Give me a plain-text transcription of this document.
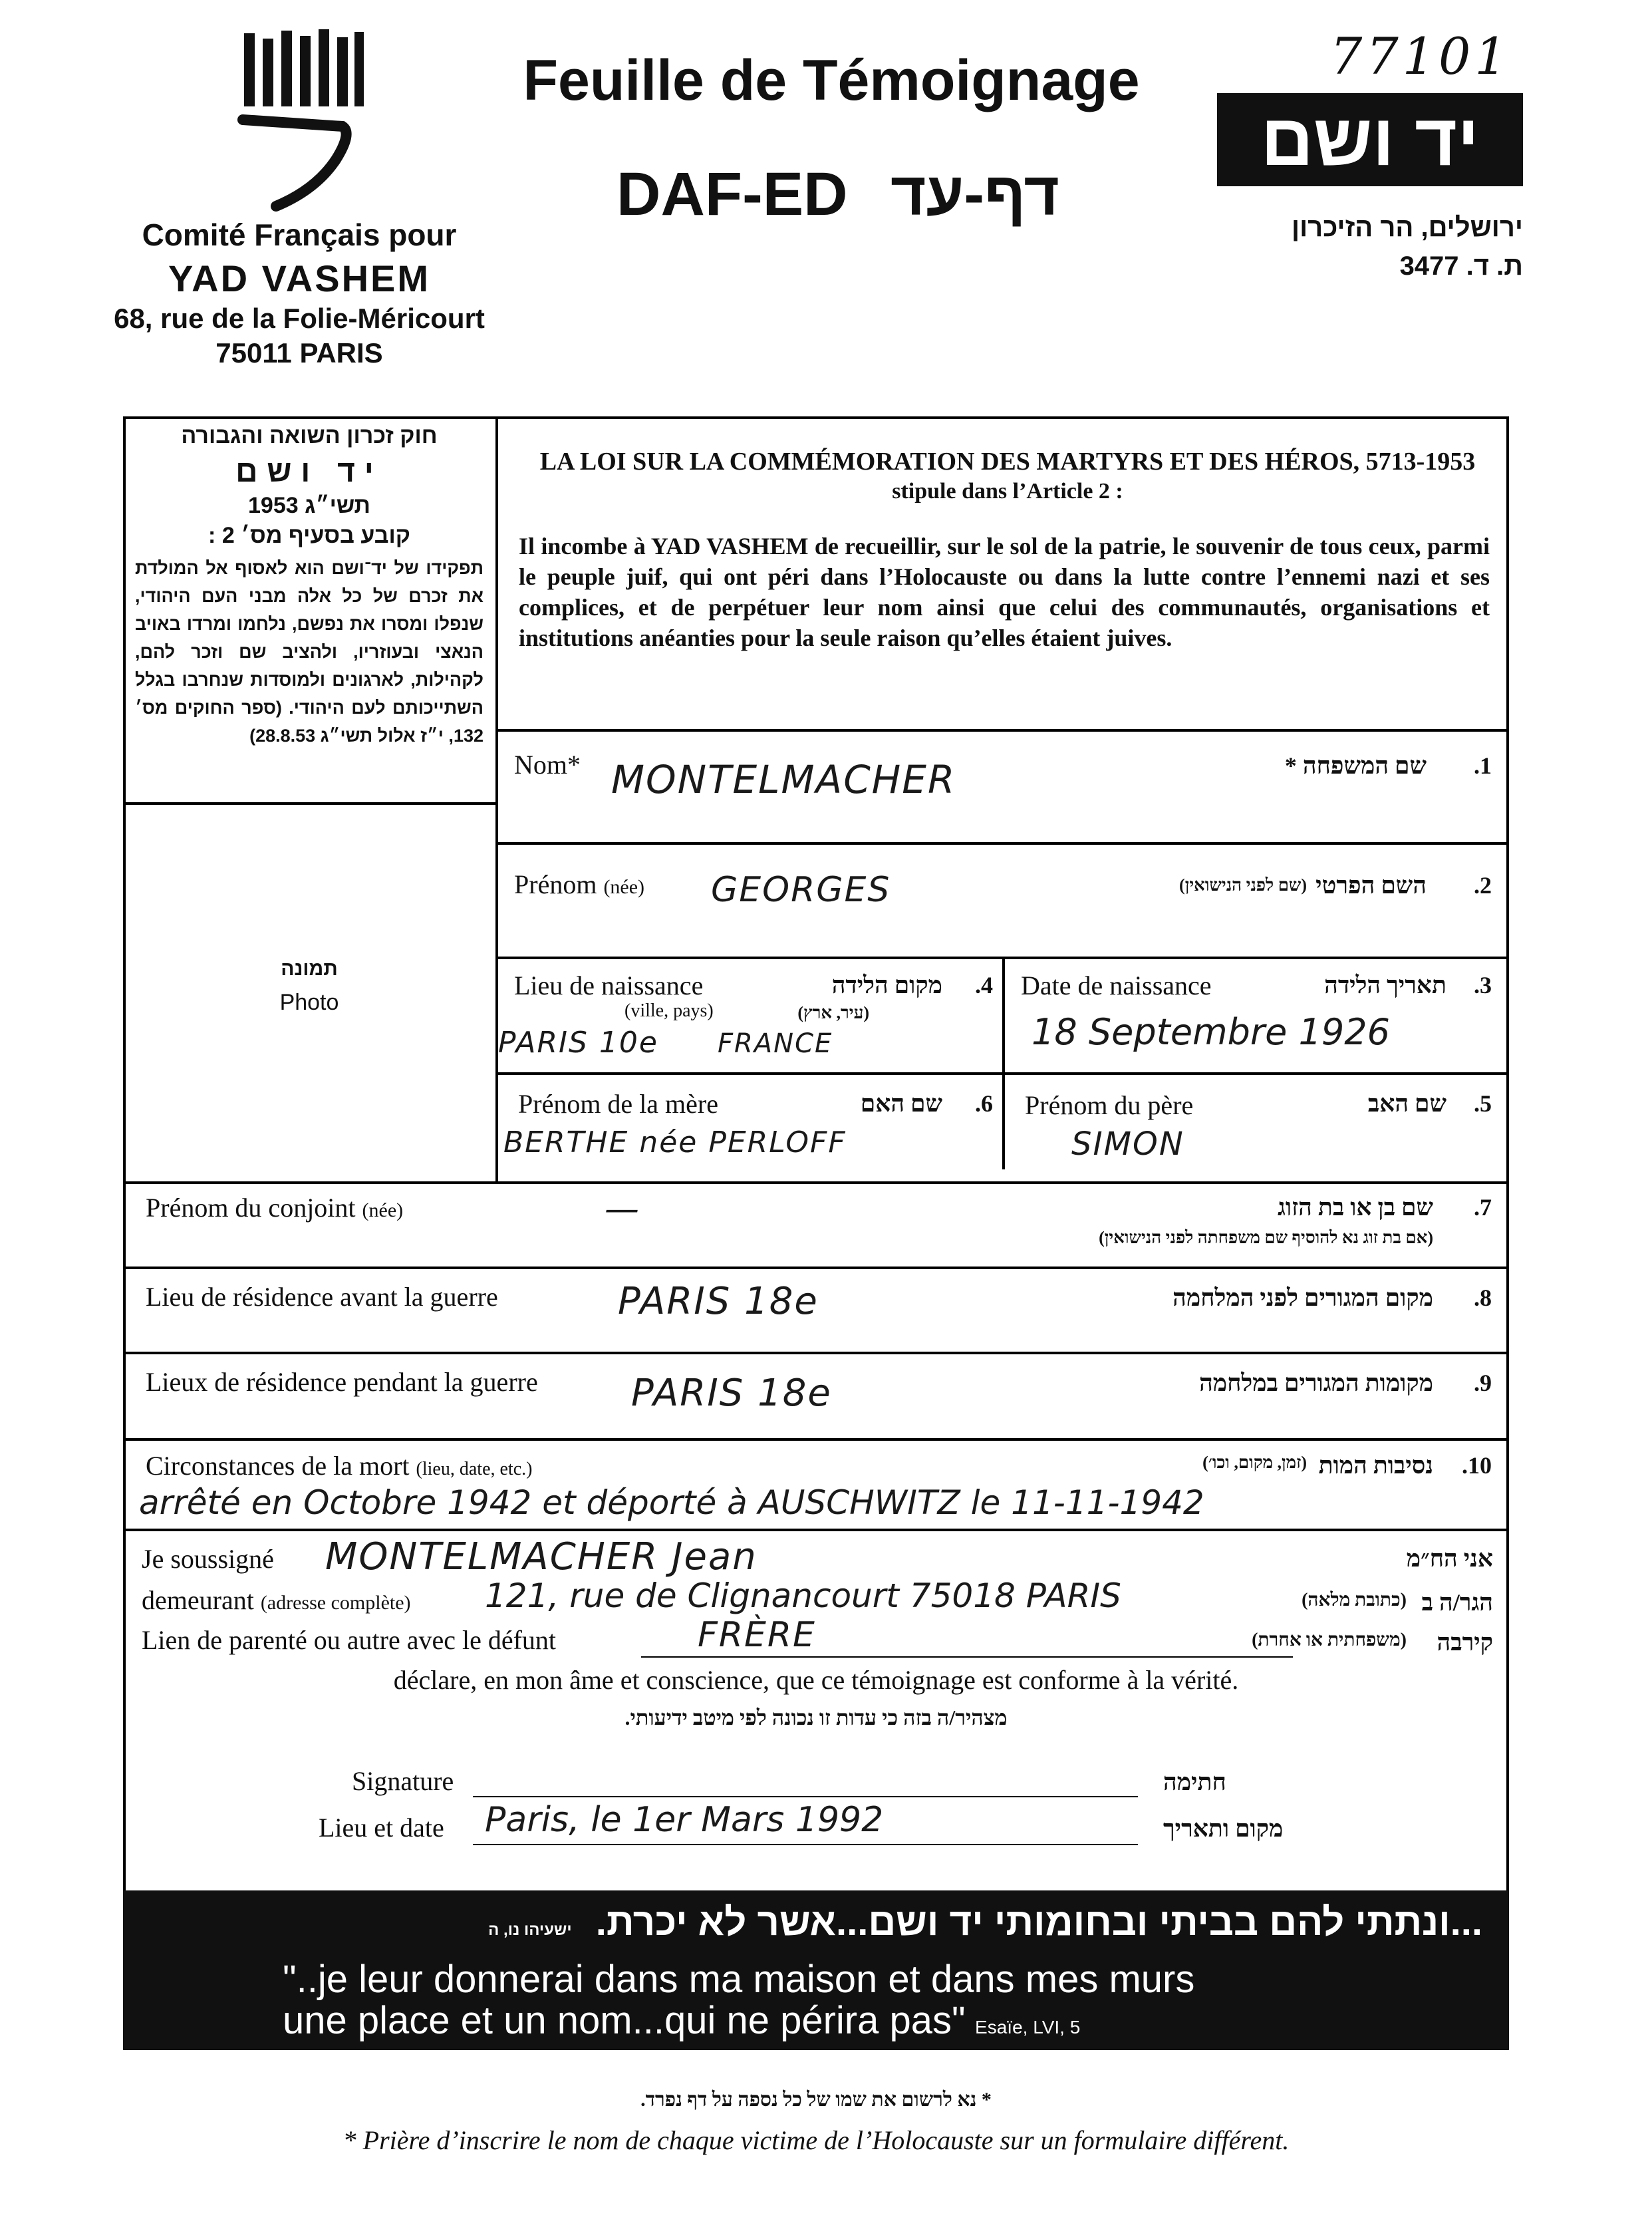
Comité Français pour
YAD VASHEM
68, rue de la Folie-Méricourt
75011 PARIS
Feuille de Témoignage
DAF-ED דף-עד
77101
יד ושם
ירושלים, הר הזיכרון
ת. ד. 3477
חוק זכרון השואה והגבורה
יד ושם
תשי״ג 1953
קובע בסעיף מס׳ 2 :
תפקידו של יד־ושם הוא לאסוף אל המולדת את זכרם של כל אלה מבני העם היהודי, שנפלו ומסרו את נפשם, נלחמו ומרדו באויב הנאצי ובעוזריו, ולהציב שם וזכר להם, לקהילות, לארגונים ולמוסדות שנחרבו בגלל השתייכותם לעם היהודי. (ספר החוקים מס׳ 132, י״ז אלול תשי״ג 28.8.53)
תמונה
Photo
LA LOI SUR LA COMMÉMORATION DES MARTYRS ET DES HÉROS, 5713-1953
stipule dans l’Article 2 :
Il incombe à YAD VASHEM de recueillir, sur le sol de la patrie, le souvenir de tous ceux, parmi le peuple juif, qui ont péri dans l’Holocauste ou dans la lutte contre l’ennemi nazi et ses complices, et de perpétuer leur nom ainsi que celui des communautés, organisations et institutions anéanties pour la seule raison qu’elles étaient juives.
Nom* MONTELMACHER	שם המשפחה * .1
Prénom (née) GEORGES	(שם לפני הנישואין) השם הפרטי .2
Lieu de naissance	מקום הלידה .4
(ville, pays)	(עיר, ארץ)
PARIS 10e FRANCE
Date de naissance	תאריך הלידה .3
18 Septembre 1926
Prénom de la mère	שם האם .6
BERTHE née PERLOFF
Prénom du père	שם האב .5
SIMON
Prénom du conjoint (née)	—	שם בן או בת הזוג .7
(אם בת זוג נא להוסיף שם משפחתה לפני הנישואין)
Lieu de résidence avant la guerre	PARIS 18e	מקום המגורים לפני המלחמה .8
Lieux de résidence pendant la guerre	PARIS 18e	מקומות המגורים במלחמה .9
Circonstances de la mort (lieu, date, etc.)	(זמן, מקום, וכו׳) נסיבות המות .10
arrêté en Octobre 1942 et déporté à AUSCHWITZ le 11-11-1942
Je soussigné MONTELMACHER Jean	אני הח״מ
demeurant (adresse complète) 121, rue de Clignancourt 75018 PARIS	(כתובת מלאה) הגר/ה ב
Lien de parenté ou autre avec le défunt	FRÈRE	(משפחתית או אחרת) קירבה
déclare, en mon âme et conscience, que ce témoignage est conforme à la vérité.
מצהיר/ה בזה כי עדות זו נכונה לפי מיטב ידיעותי.
Signature	חתימה
Lieu et date Paris, le 1er Mars 1992	מקום ותאריך
...ונתתי להם בביתי ובחומותי יד ושם...אשר לא יכרת. ישעיהו נו, ה
"..je leur donnerai dans ma maison et dans mes murs
une place et un nom...qui ne périra pas" Esaïe, LVI, 5
* נא לרשום את שמו של כל נספה על דף נפרד.
* Prière d’inscrire le nom de chaque victime de l’Holocauste sur un formulaire différent.
